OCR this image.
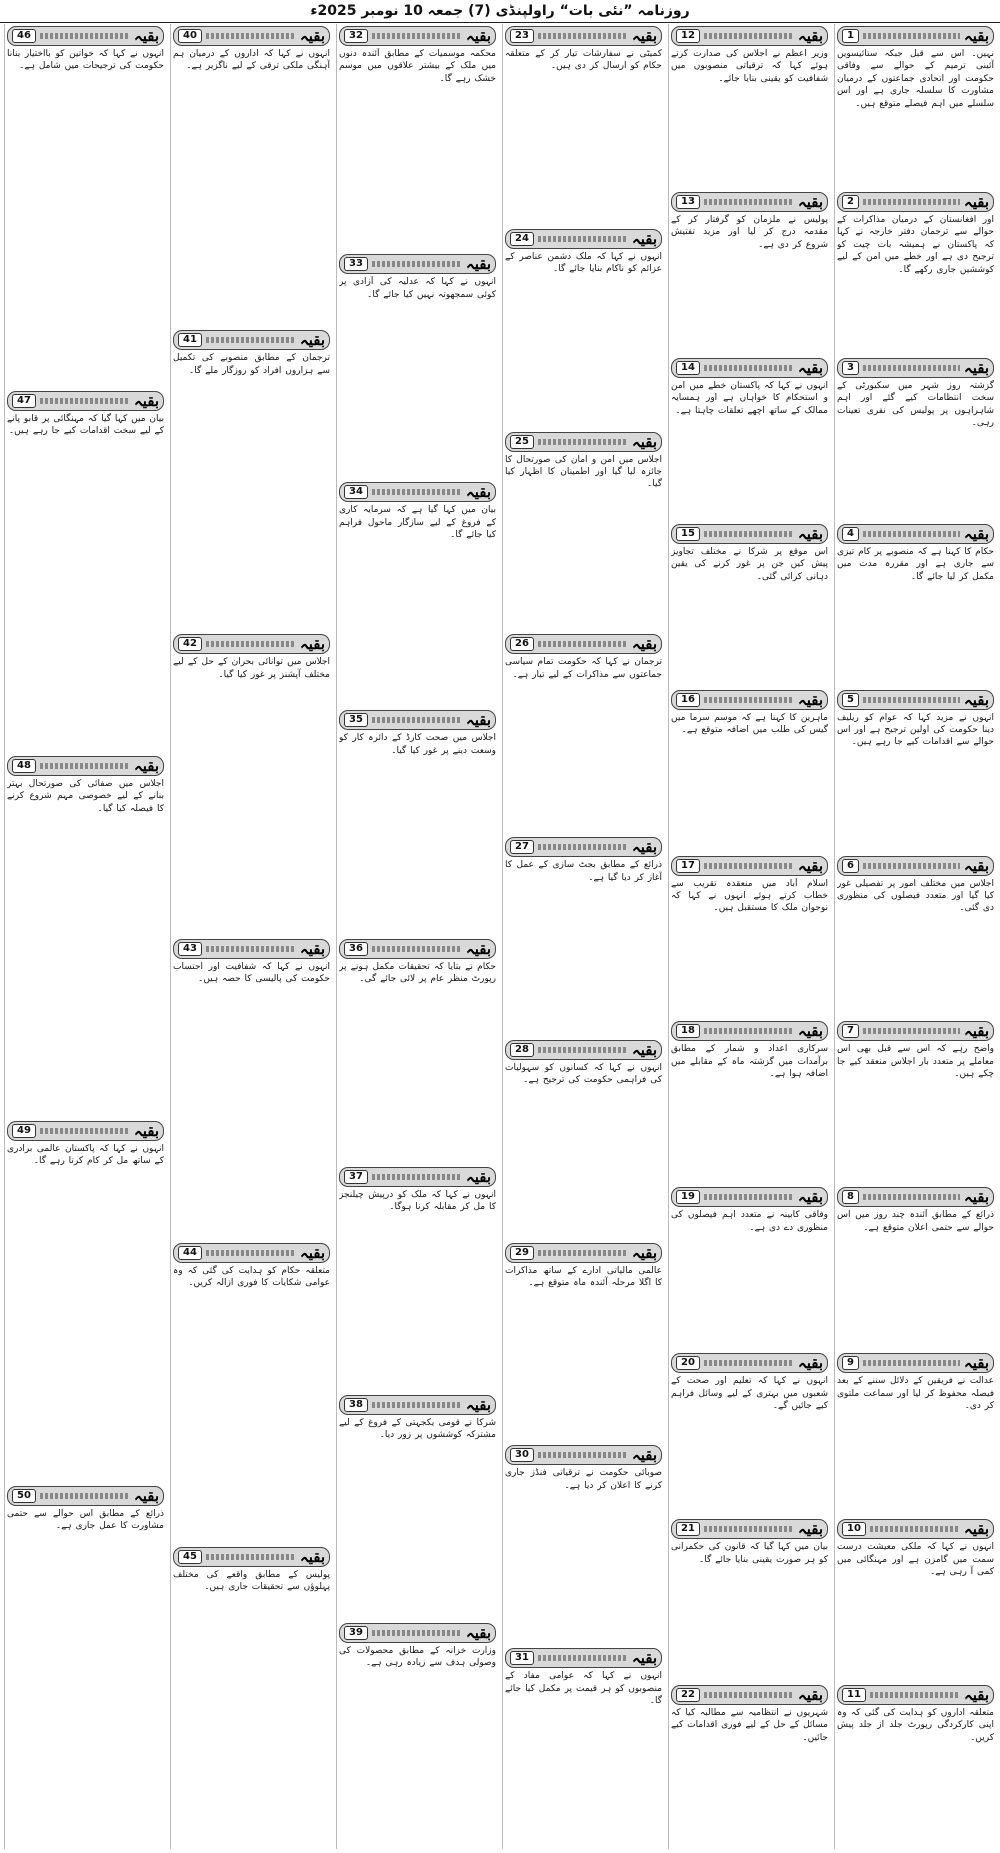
روزنامہ ”نئی بات“ راولپنڈی (7) جمعہ 10 نومبر 2025ء
بقیہ
1
نہیں۔ اس سے قبل جبکہ ستائیسویں آئینی ترمیم کے حوالے سے وفاقی حکومت اور اتحادی جماعتوں کے درمیان مشاورت کا سلسلہ جاری ہے اور اس سلسلے میں اہم فیصلے متوقع ہیں۔
بقیہ
2
اور افغانستان کے درمیان مذاکرات کے حوالے سے ترجمان دفتر خارجہ نے کہا کہ پاکستان نے ہمیشہ بات چیت کو ترجیح دی ہے اور خطے میں امن کے لیے کوششیں جاری رکھے گا۔
بقیہ
3
گزشتہ روز شہر میں سکیورٹی کے سخت انتظامات کیے گئے اور اہم شاہراہوں پر پولیس کی نفری تعینات رہی۔
بقیہ
4
حکام کا کہنا ہے کہ منصوبے پر کام تیزی سے جاری ہے اور مقررہ مدت میں مکمل کر لیا جائے گا۔
بقیہ
5
انہوں نے مزید کہا کہ عوام کو ریلیف دینا حکومت کی اولین ترجیح ہے اور اس حوالے سے اقدامات کیے جا رہے ہیں۔
بقیہ
6
اجلاس میں مختلف امور پر تفصیلی غور کیا گیا اور متعدد فیصلوں کی منظوری دی گئی۔
بقیہ
7
واضح رہے کہ اس سے قبل بھی اس معاملے پر متعدد بار اجلاس منعقد کیے جا چکے ہیں۔
بقیہ
8
ذرائع کے مطابق آئندہ چند روز میں اس حوالے سے حتمی اعلان متوقع ہے۔
بقیہ
9
عدالت نے فریقین کے دلائل سننے کے بعد فیصلہ محفوظ کر لیا اور سماعت ملتوی کر دی۔
بقیہ
10
انہوں نے کہا کہ ملکی معیشت درست سمت میں گامزن ہے اور مہنگائی میں کمی آ رہی ہے۔
بقیہ
11
متعلقہ اداروں کو ہدایت کی گئی کہ وہ اپنی کارکردگی رپورٹ جلد از جلد پیش کریں۔
بقیہ
12
وزیر اعظم نے اجلاس کی صدارت کرتے ہوئے کہا کہ ترقیاتی منصوبوں میں شفافیت کو یقینی بنایا جائے۔
بقیہ
13
پولیس نے ملزمان کو گرفتار کر کے مقدمہ درج کر لیا اور مزید تفتیش شروع کر دی ہے۔
بقیہ
14
انہوں نے کہا کہ پاکستان خطے میں امن و استحکام کا خواہاں ہے اور ہمسایہ ممالک کے ساتھ اچھے تعلقات چاہتا ہے۔
بقیہ
15
اس موقع پر شرکا نے مختلف تجاویز پیش کیں جن پر غور کرنے کی یقین دہانی کرائی گئی۔
بقیہ
16
ماہرین کا کہنا ہے کہ موسم سرما میں گیس کی طلب میں اضافہ متوقع ہے۔
بقیہ
17
اسلام آباد میں منعقدہ تقریب سے خطاب کرتے ہوئے انہوں نے کہا کہ نوجوان ملک کا مستقبل ہیں۔
بقیہ
18
سرکاری اعداد و شمار کے مطابق برآمدات میں گزشتہ ماہ کے مقابلے میں اضافہ ہوا ہے۔
بقیہ
19
وفاقی کابینہ نے متعدد اہم فیصلوں کی منظوری دے دی ہے۔
بقیہ
20
انہوں نے کہا کہ تعلیم اور صحت کے شعبوں میں بہتری کے لیے وسائل فراہم کیے جائیں گے۔
بقیہ
21
بیان میں کہا گیا کہ قانون کی حکمرانی کو ہر صورت یقینی بنایا جائے گا۔
بقیہ
22
شہریوں نے انتظامیہ سے مطالبہ کیا کہ مسائل کے حل کے لیے فوری اقدامات کیے جائیں۔
بقیہ
23
کمیٹی نے سفارشات تیار کر کے متعلقہ حکام کو ارسال کر دی ہیں۔
بقیہ
24
انہوں نے کہا کہ ملک دشمن عناصر کے عزائم کو ناکام بنایا جائے گا۔
بقیہ
25
اجلاس میں امن و امان کی صورتحال کا جائزہ لیا گیا اور اطمینان کا اظہار کیا گیا۔
بقیہ
26
ترجمان نے کہا کہ حکومت تمام سیاسی جماعتوں سے مذاکرات کے لیے تیار ہے۔
بقیہ
27
ذرائع کے مطابق بجٹ سازی کے عمل کا آغاز کر دیا گیا ہے۔
بقیہ
28
انہوں نے کہا کہ کسانوں کو سہولیات کی فراہمی حکومت کی ترجیح ہے۔
بقیہ
29
عالمی مالیاتی ادارے کے ساتھ مذاکرات کا اگلا مرحلہ آئندہ ماہ متوقع ہے۔
بقیہ
30
صوبائی حکومت نے ترقیاتی فنڈز جاری کرنے کا اعلان کر دیا ہے۔
بقیہ
31
انہوں نے کہا کہ عوامی مفاد کے منصوبوں کو ہر قیمت پر مکمل کیا جائے گا۔
بقیہ
32
محکمہ موسمیات کے مطابق آئندہ دنوں میں ملک کے بیشتر علاقوں میں موسم خشک رہے گا۔
بقیہ
33
انہوں نے کہا کہ عدلیہ کی آزادی پر کوئی سمجھوتہ نہیں کیا جائے گا۔
بقیہ
34
بیان میں کہا گیا ہے کہ سرمایہ کاری کے فروغ کے لیے سازگار ماحول فراہم کیا جائے گا۔
بقیہ
35
اجلاس میں صحت کارڈ کے دائرہ کار کو وسعت دینے پر غور کیا گیا۔
بقیہ
36
حکام نے بتایا کہ تحقیقات مکمل ہونے پر رپورٹ منظر عام پر لائی جائے گی۔
بقیہ
37
انہوں نے کہا کہ ملک کو درپیش چیلنجز کا مل کر مقابلہ کرنا ہوگا۔
بقیہ
38
شرکا نے قومی یکجہتی کے فروغ کے لیے مشترکہ کوششوں پر زور دیا۔
بقیہ
39
وزارت خزانہ کے مطابق محصولات کی وصولی ہدف سے زیادہ رہی ہے۔
بقیہ
40
انہوں نے کہا کہ اداروں کے درمیان ہم آہنگی ملکی ترقی کے لیے ناگزیر ہے۔
بقیہ
41
ترجمان کے مطابق منصوبے کی تکمیل سے ہزاروں افراد کو روزگار ملے گا۔
بقیہ
42
اجلاس میں توانائی بحران کے حل کے لیے مختلف آپشنز پر غور کیا گیا۔
بقیہ
43
انہوں نے کہا کہ شفافیت اور احتساب حکومت کی پالیسی کا حصہ ہیں۔
بقیہ
44
متعلقہ حکام کو ہدایت کی گئی کہ وہ عوامی شکایات کا فوری ازالہ کریں۔
بقیہ
45
پولیس کے مطابق واقعے کی مختلف پہلوؤں سے تحقیقات جاری ہیں۔
بقیہ
46
انہوں نے کہا کہ خواتین کو بااختیار بنانا حکومت کی ترجیحات میں شامل ہے۔
بقیہ
47
بیان میں کہا گیا کہ مہنگائی پر قابو پانے کے لیے سخت اقدامات کیے جا رہے ہیں۔
بقیہ
48
اجلاس میں صفائی کی صورتحال بہتر بنانے کے لیے خصوصی مہم شروع کرنے کا فیصلہ کیا گیا۔
بقیہ
49
انہوں نے کہا کہ پاکستان عالمی برادری کے ساتھ مل کر کام کرتا رہے گا۔
بقیہ
50
ذرائع کے مطابق اس حوالے سے حتمی مشاورت کا عمل جاری ہے۔
